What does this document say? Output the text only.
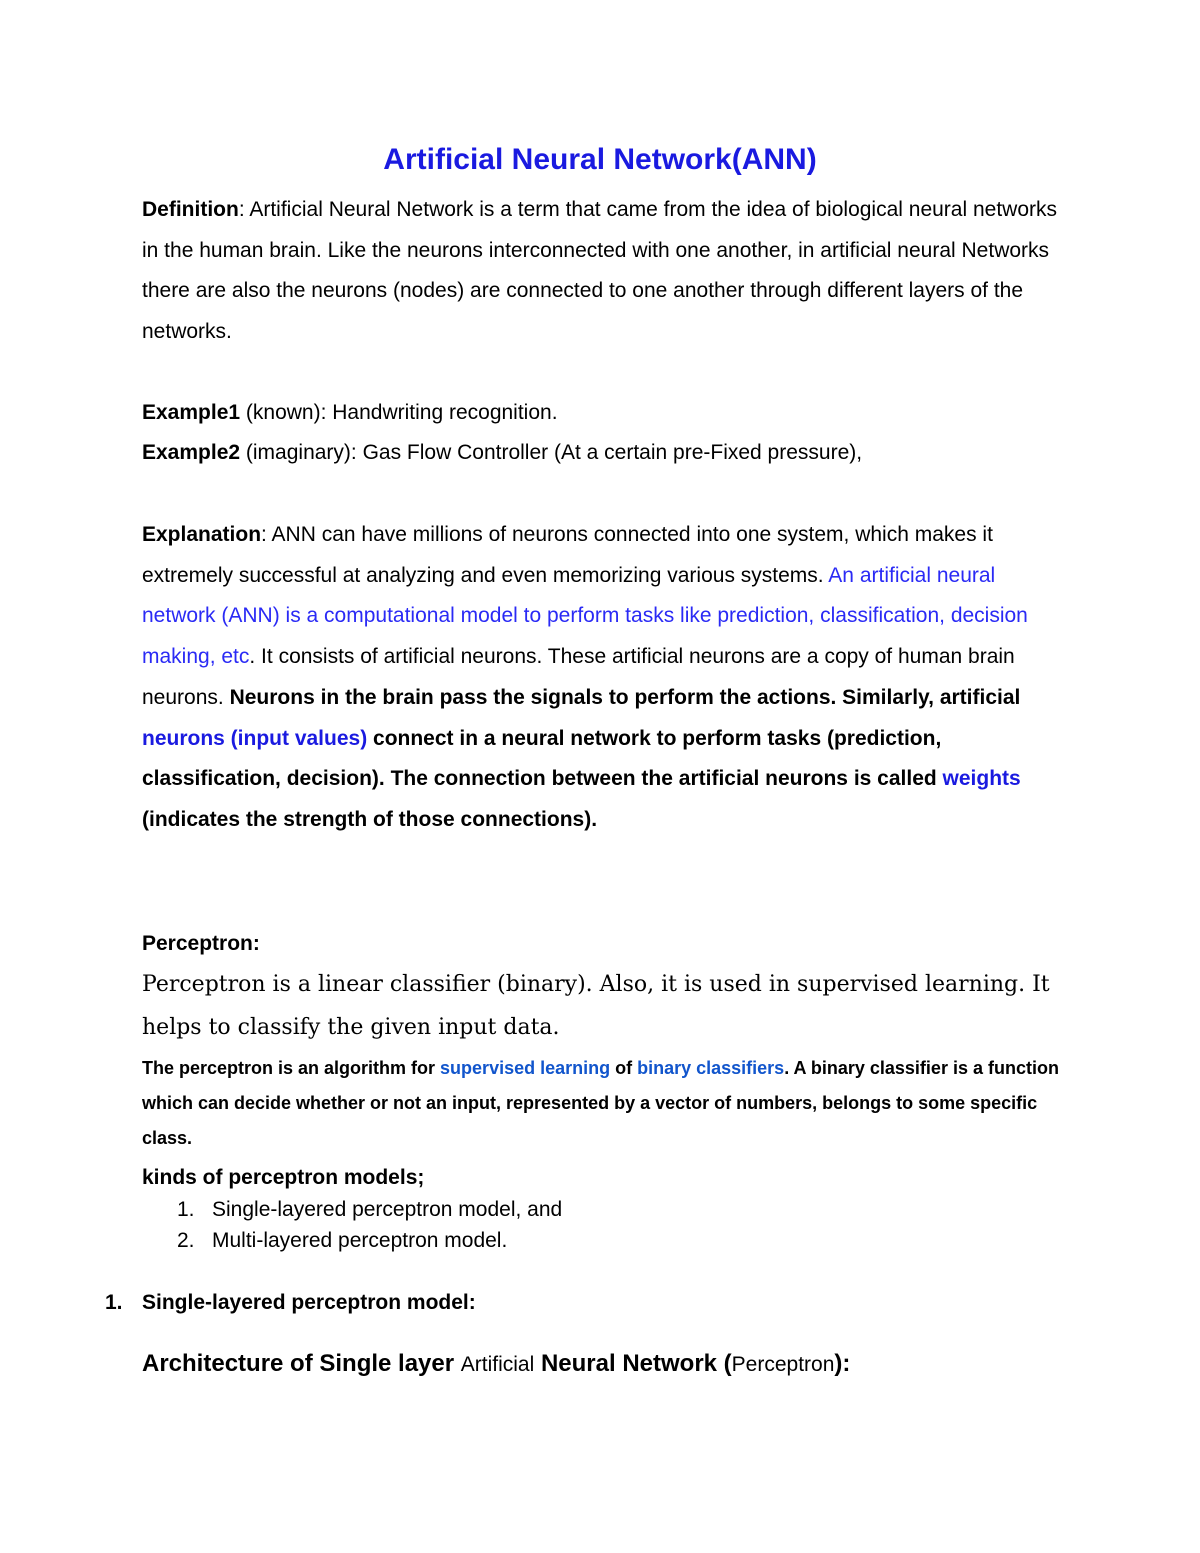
Artificial Neural Network(ANN)

Definition: Artificial Neural Network is a term that came from the idea of biological neural networks in the human brain. Like the neurons interconnected with one another, in artificial neural Networks there are also the neurons (nodes) are connected to one another through different layers of the networks.

Example1 (known): Handwriting recognition.

Example2 (imaginary): Gas Flow Controller (At a certain pre-Fixed pressure),

Explanation: ANN can have millions of neurons connected into one system, which makes it extremely successful at analyzing and even memorizing various systems. An artificial neural network (ANN) is a computational model to perform tasks like prediction, classification, decision making, etc. It consists of artificial neurons. These artificial neurons are a copy of human brain neurons. Neurons in the brain pass the signals to perform the actions. Similarly, artificial neurons (input values) connect in a neural network to perform tasks (prediction, classification, decision). The connection between the artificial neurons is called weights (indicates the strength of those connections).

Perceptron:

Perceptron is a linear classifier (binary). Also, it is used in supervised learning. It helps to classify the given input data.

The perceptron is an algorithm for supervised learning of binary classifiers. A binary classifier is a function which can decide whether or not an input, represented by a vector of numbers, belongs to some specific class.

kinds of perceptron models;

1. Single-layered perceptron model, and
2. Multi-layered perceptron model.
1. Single-layered perceptron model:
Architecture of Single layer Artificial Neural Network (Perceptron):
